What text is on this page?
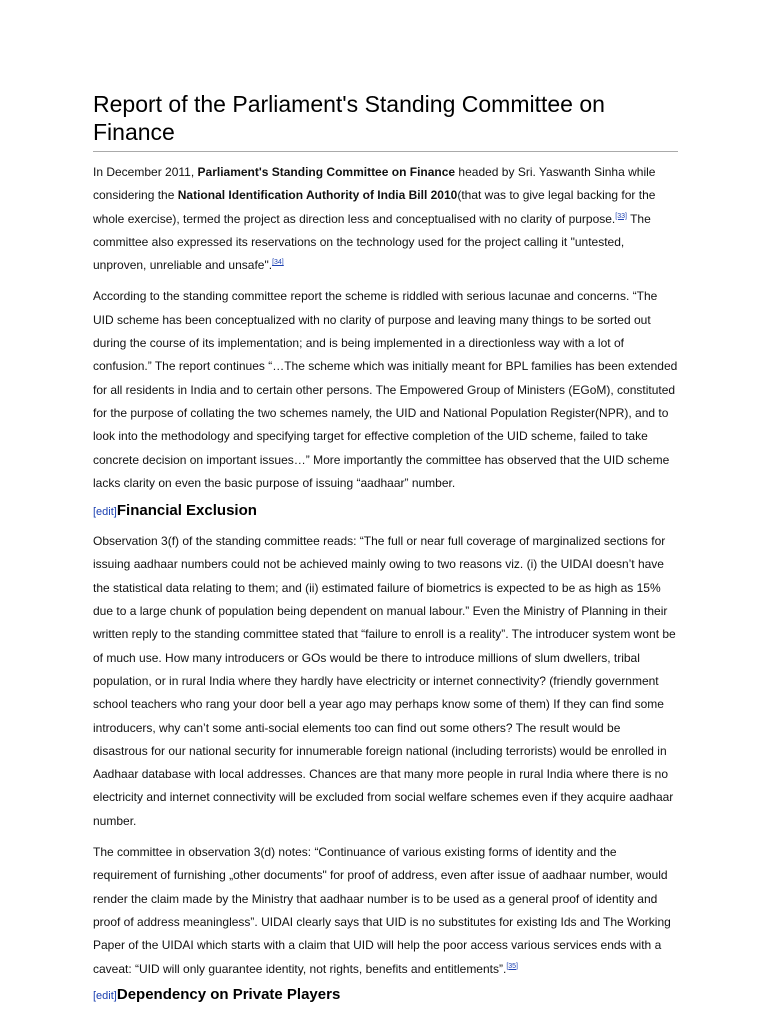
Report of the Parliament's Standing Committee on Finance

In December 2011, Parliament's Standing Committee on Finance headed by Sri. Yaswanth Sinha while considering the National Identification Authority of India Bill 2010(that was to give legal backing for the whole exercise), termed the project as direction less and conceptualised with no clarity of purpose.[33] The committee also expressed its reservations on the technology used for the project calling it "untested, unproven, unreliable and unsafe".[34]

According to the standing committee report the scheme is riddled with serious lacunae and concerns. “The UID scheme has been conceptualized with no clarity of purpose and leaving many things to be sorted out during the course of its implementation; and is being implemented in a directionless way with a lot of confusion.” The report continues “…The scheme which was initially meant for BPL families has been extended for all residents in India and to certain other persons. The Empowered Group of Ministers (EGoM), constituted for the purpose of collating the two schemes namely, the UID and National Population Register(NPR), and to look into the methodology and specifying target for effective completion of the UID scheme, failed to take concrete decision on important issues…” More importantly the committee has observed that the UID scheme lacks clarity on even the basic purpose of issuing “aadhaar” number.

[edit]Financial Exclusion

Observation 3(f) of the standing committee reads: “The full or near full coverage of marginalized sections for issuing aadhaar numbers could not be achieved mainly owing to two reasons viz. (i) the UIDAI doesn’t have the statistical data relating to them; and (ii) estimated failure of biometrics is expected to be as high as 15% due to a large chunk of population being dependent on manual labour.” Even the Ministry of Planning in their written reply to the standing committee stated that “failure to enroll is a reality”. The introducer system wont be of much use. How many introducers or GOs would be there to introduce millions of slum dwellers, tribal population, or in rural India where they hardly have electricity or internet connectivity? (friendly government school teachers who rang your door bell a year ago may perhaps know some of them) If they can find some introducers, why can’t some anti-social elements too can find out some others? The result would be disastrous for our national security for innumerable foreign national (including terrorists) would be enrolled in Aadhaar database with local addresses. Chances are that many more people in rural India where there is no electricity and internet connectivity will be excluded from social welfare schemes even if they acquire aadhaar number.

The committee in observation 3(d) notes: “Continuance of various existing forms of identity and the requirement of furnishing „other documents" for proof of address, even after issue of aadhaar number, would render the claim made by the Ministry that aadhaar number is to be used as a general proof of identity and proof of address meaningless”. UIDAI clearly says that UID is no substitutes for existing Ids and The Working Paper of the UIDAI which starts with a claim that UID will help the poor access various services ends with a caveat: “UID will only guarantee identity, not rights, benefits and entitlements”.[35]

[edit]Dependency on Private Players
